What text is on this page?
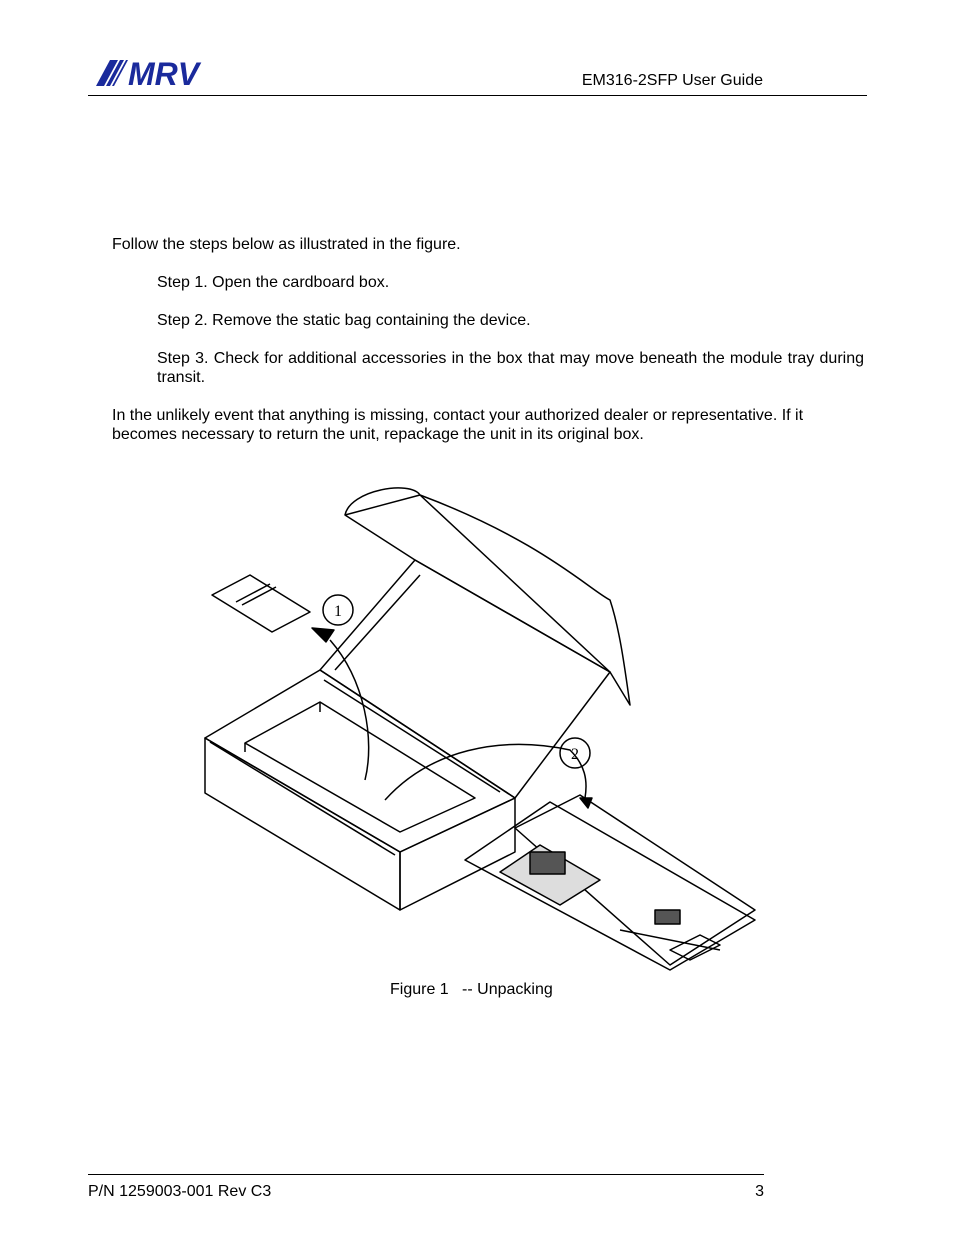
MRV	EM316-2SFP User Guide

Follow the steps below as illustrated in the figure.

Step 1. Open the cardboard box.
Step 2. Remove the static bag containing the device.
Step 3. Check for additional accessories in the box that may move beneath the module tray during transit.

In the unlikely event that anything is missing, contact your authorized dealer or representative. If it becomes necessary to return the unit, repackage the unit in its original box.

1
2
Figure 1   -- Unpacking
P/N 1259003-001 Rev C3	3
